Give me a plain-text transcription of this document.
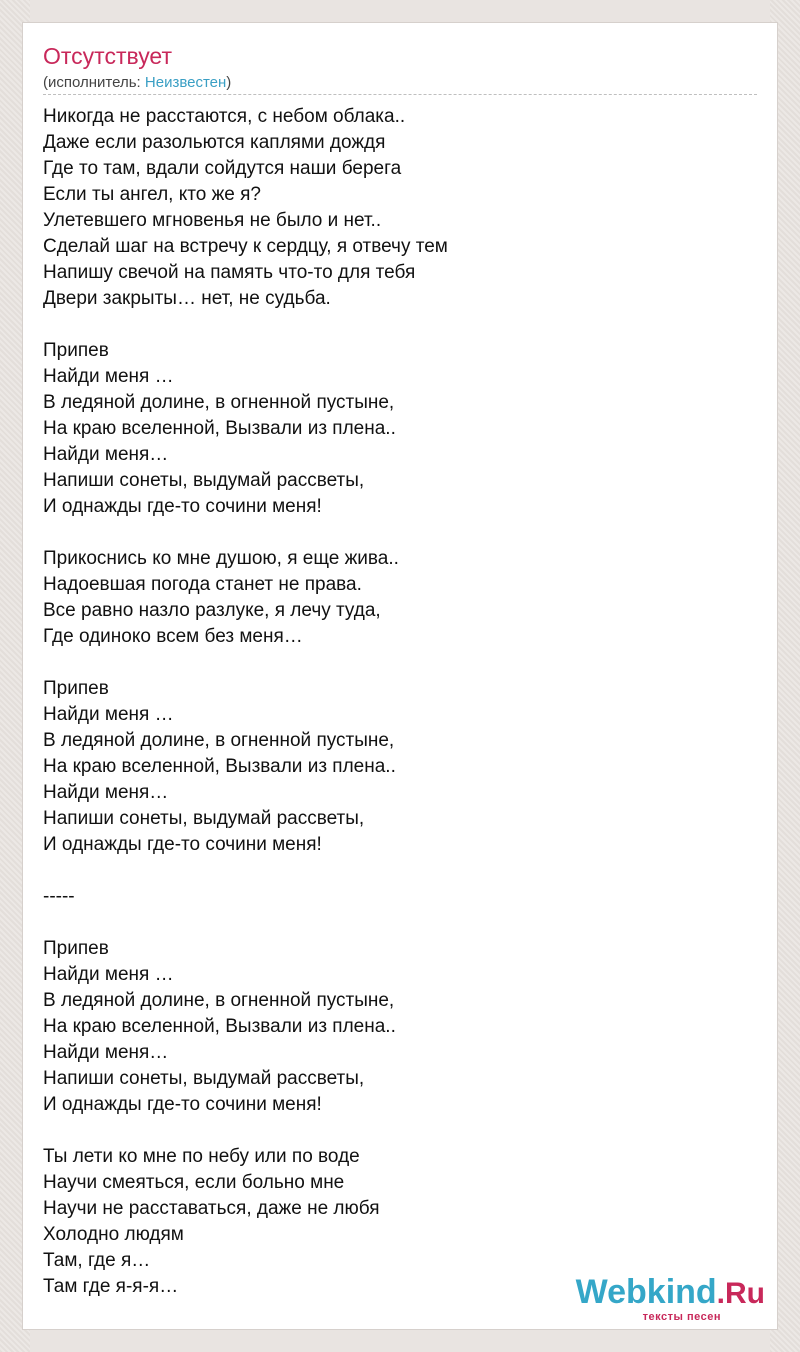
Отсутствует
(исполнитель: Неизвестен)
Никогда не расстаются, с небом облака..
Даже если разольются каплями дождя
Где то там, вдали сойдутся наши берега
Если ты ангел, кто же я?
Улетевшего мгновенья не было и нет..
Сделай шаг на встречу к сердцу, я отвечу тем
Напишу свечой на память что-то для тебя
Двери закрыты… нет, не судьба.
Припев
Найди меня …
В ледяной долине, в огненной пустыне,
На краю вселенной, Вызвали из плена..
Найди меня…
Напиши сонеты, выдумай рассветы,
И однажды где-то сочини меня!
Прикоснись ко мне душою, я еще жива..
Надоевшая погода станет не права.
Все равно назло разлуке, я лечу туда,
Где одиноко всем без меня…
Припев
Найди меня …
В ледяной долине, в огненной пустыне,
На краю вселенной, Вызвали из плена..
Найди меня…
Напиши сонеты, выдумай рассветы,
И однажды где-то сочини меня!
-----
Припев
Найди меня …
В ледяной долине, в огненной пустыне,
На краю вселенной, Вызвали из плена..
Найди меня…
Напиши сонеты, выдумай рассветы,
И однажды где-то сочини меня!
Ты лети ко мне по небу или по воде
Научи смеяться, если больно мне
Научи не расставаться, даже не любя
Холодно людям
Там, где я…
Там где я-я-я…	Webkind.Ru
тексты песен
